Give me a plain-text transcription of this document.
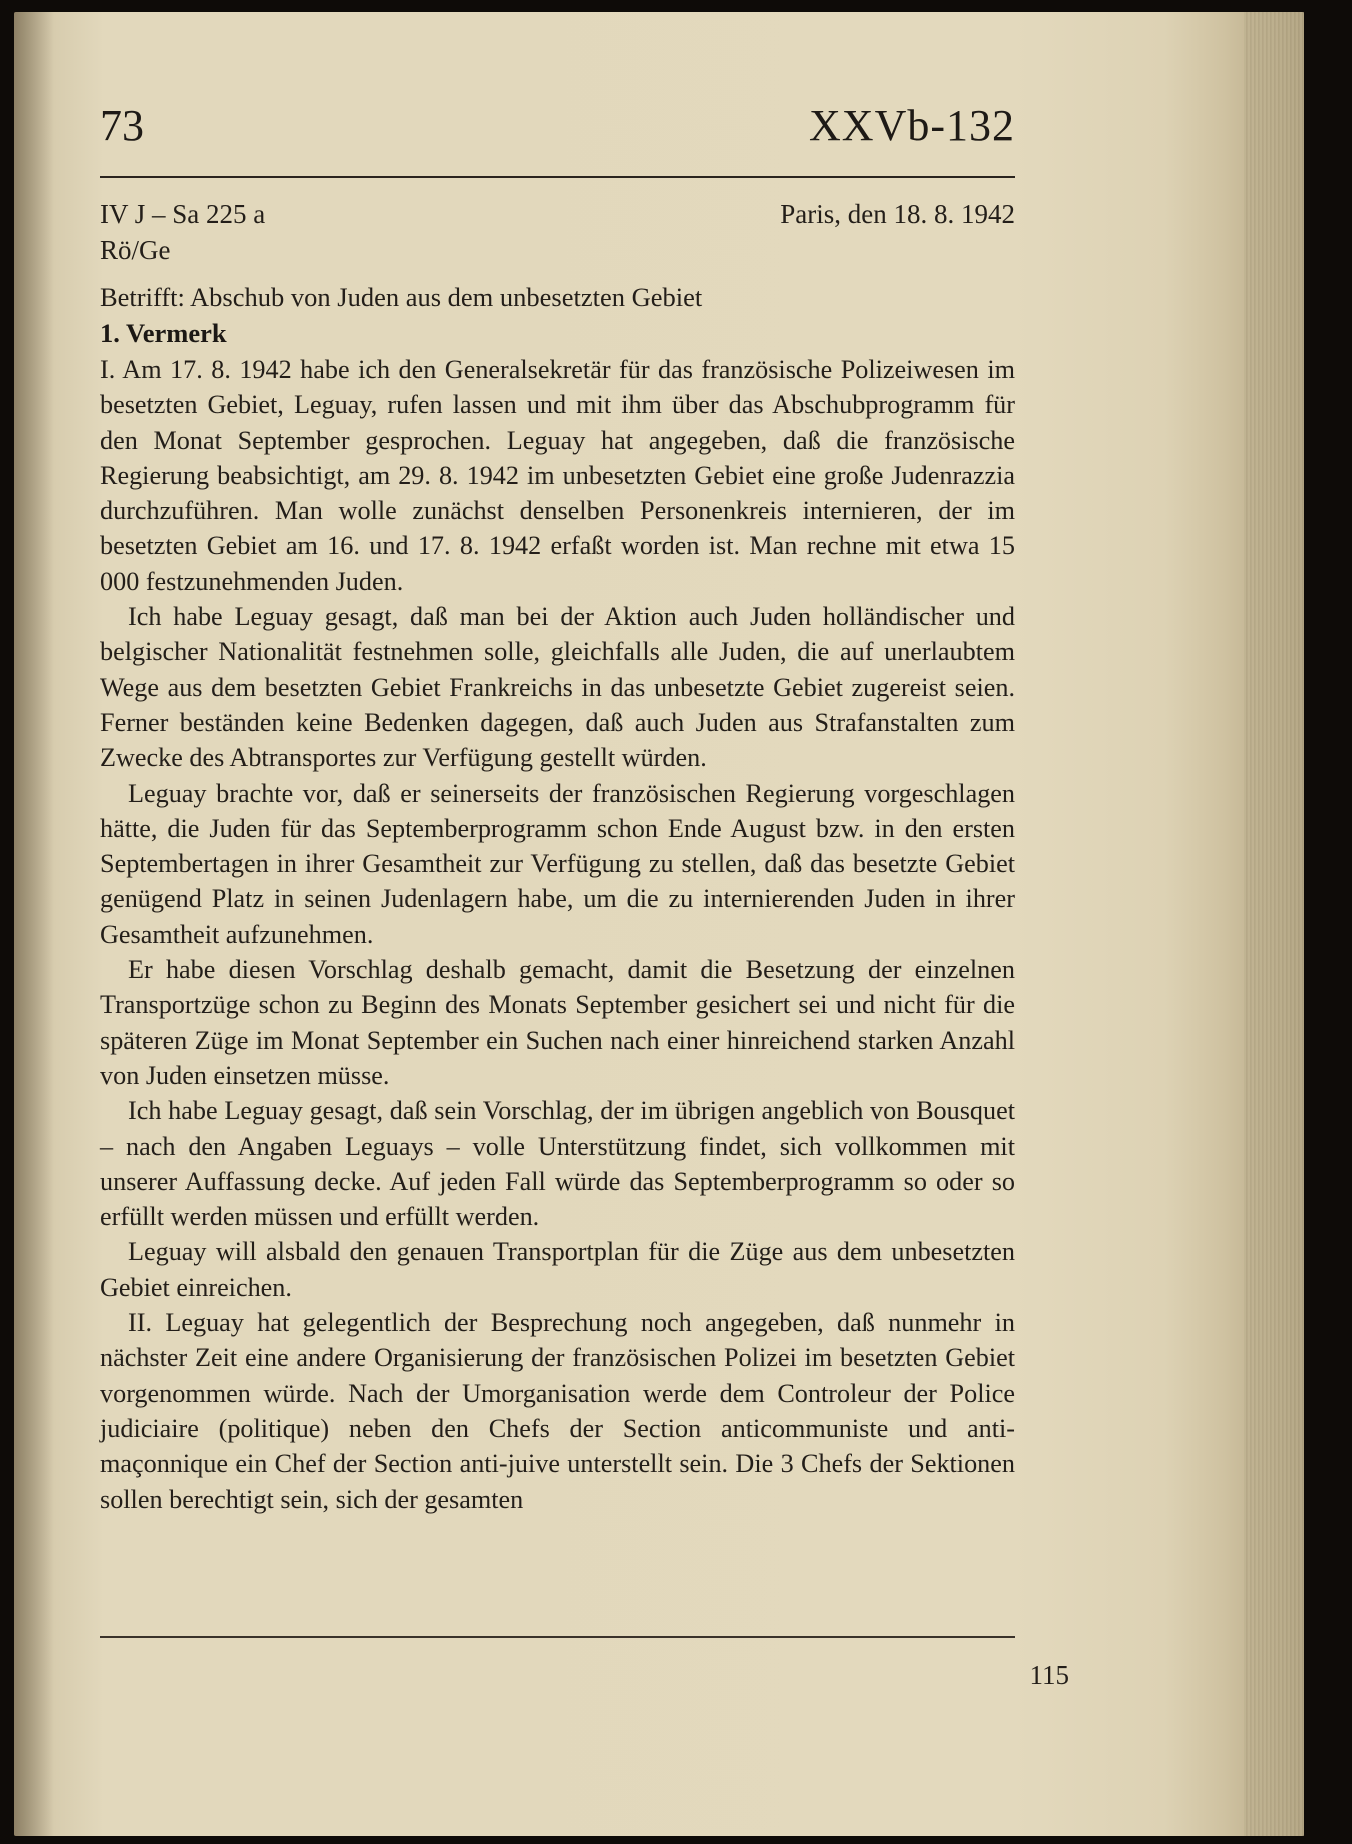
73	XXVb-132
IV J – Sa 225 a
Rö/Ge
Paris, den 18. 8. 1942
Betrifft: Abschub von Juden aus dem unbesetzten Gebiet
1. Vermerk

I. Am 17. 8. 1942 habe ich den Generalsekretär für das französische Polizeiwesen im besetzten Gebiet, Leguay, rufen lassen und mit ihm über das Abschubprogramm für den Monat September gesprochen. Leguay hat angegeben, daß die französische Regierung beabsichtigt, am 29. 8. 1942 im unbesetzten Gebiet eine große Judenrazzia durchzuführen. Man wolle zunächst denselben Personenkreis internieren, der im besetzten Gebiet am 16. und 17. 8. 1942 erfaßt worden ist. Man rechne mit etwa 15 000 festzunehmenden Juden.

Ich habe Leguay gesagt, daß man bei der Aktion auch Juden holländischer und belgischer Nationalität festnehmen solle, gleichfalls alle Juden, die auf unerlaubtem Wege aus dem besetzten Gebiet Frankreichs in das unbesetzte Gebiet zugereist seien. Ferner beständen keine Bedenken dagegen, daß auch Juden aus Strafanstalten zum Zwecke des Abtransportes zur Verfügung gestellt würden.

Leguay brachte vor, daß er seinerseits der französischen Regierung vorgeschlagen hätte, die Juden für das Septemberprogramm schon Ende August bzw. in den ersten Septembertagen in ihrer Gesamtheit zur Verfügung zu stellen, daß das besetzte Gebiet genügend Platz in seinen Judenlagern habe, um die zu internierenden Juden in ihrer Gesamtheit aufzunehmen.

Er habe diesen Vorschlag deshalb gemacht, damit die Besetzung der einzelnen Transportzüge schon zu Beginn des Monats September gesichert sei und nicht für die späteren Züge im Monat September ein Suchen nach einer hinreichend starken Anzahl von Juden einsetzen müsse.

Ich habe Leguay gesagt, daß sein Vorschlag, der im übrigen angeblich von Bousquet – nach den Angaben Leguays – volle Unterstützung findet, sich vollkommen mit unserer Auffassung decke. Auf jeden Fall würde das Septemberprogramm so oder so erfüllt werden müssen und erfüllt werden.

Leguay will alsbald den genauen Transportplan für die Züge aus dem unbesetzten Gebiet einreichen.

II. Leguay hat gelegentlich der Besprechung noch angegeben, daß nunmehr in nächster Zeit eine andere Organisierung der französischen Polizei im besetzten Gebiet vorgenommen würde. Nach der Umorganisation werde dem Controleur der Police judiciaire (politique) neben den Chefs der Section anticommuniste und anti-maçonnique ein Chef der Section anti-juive unterstellt sein. Die 3 Chefs der Sektionen sollen berechtigt sein, sich der gesamten

115
